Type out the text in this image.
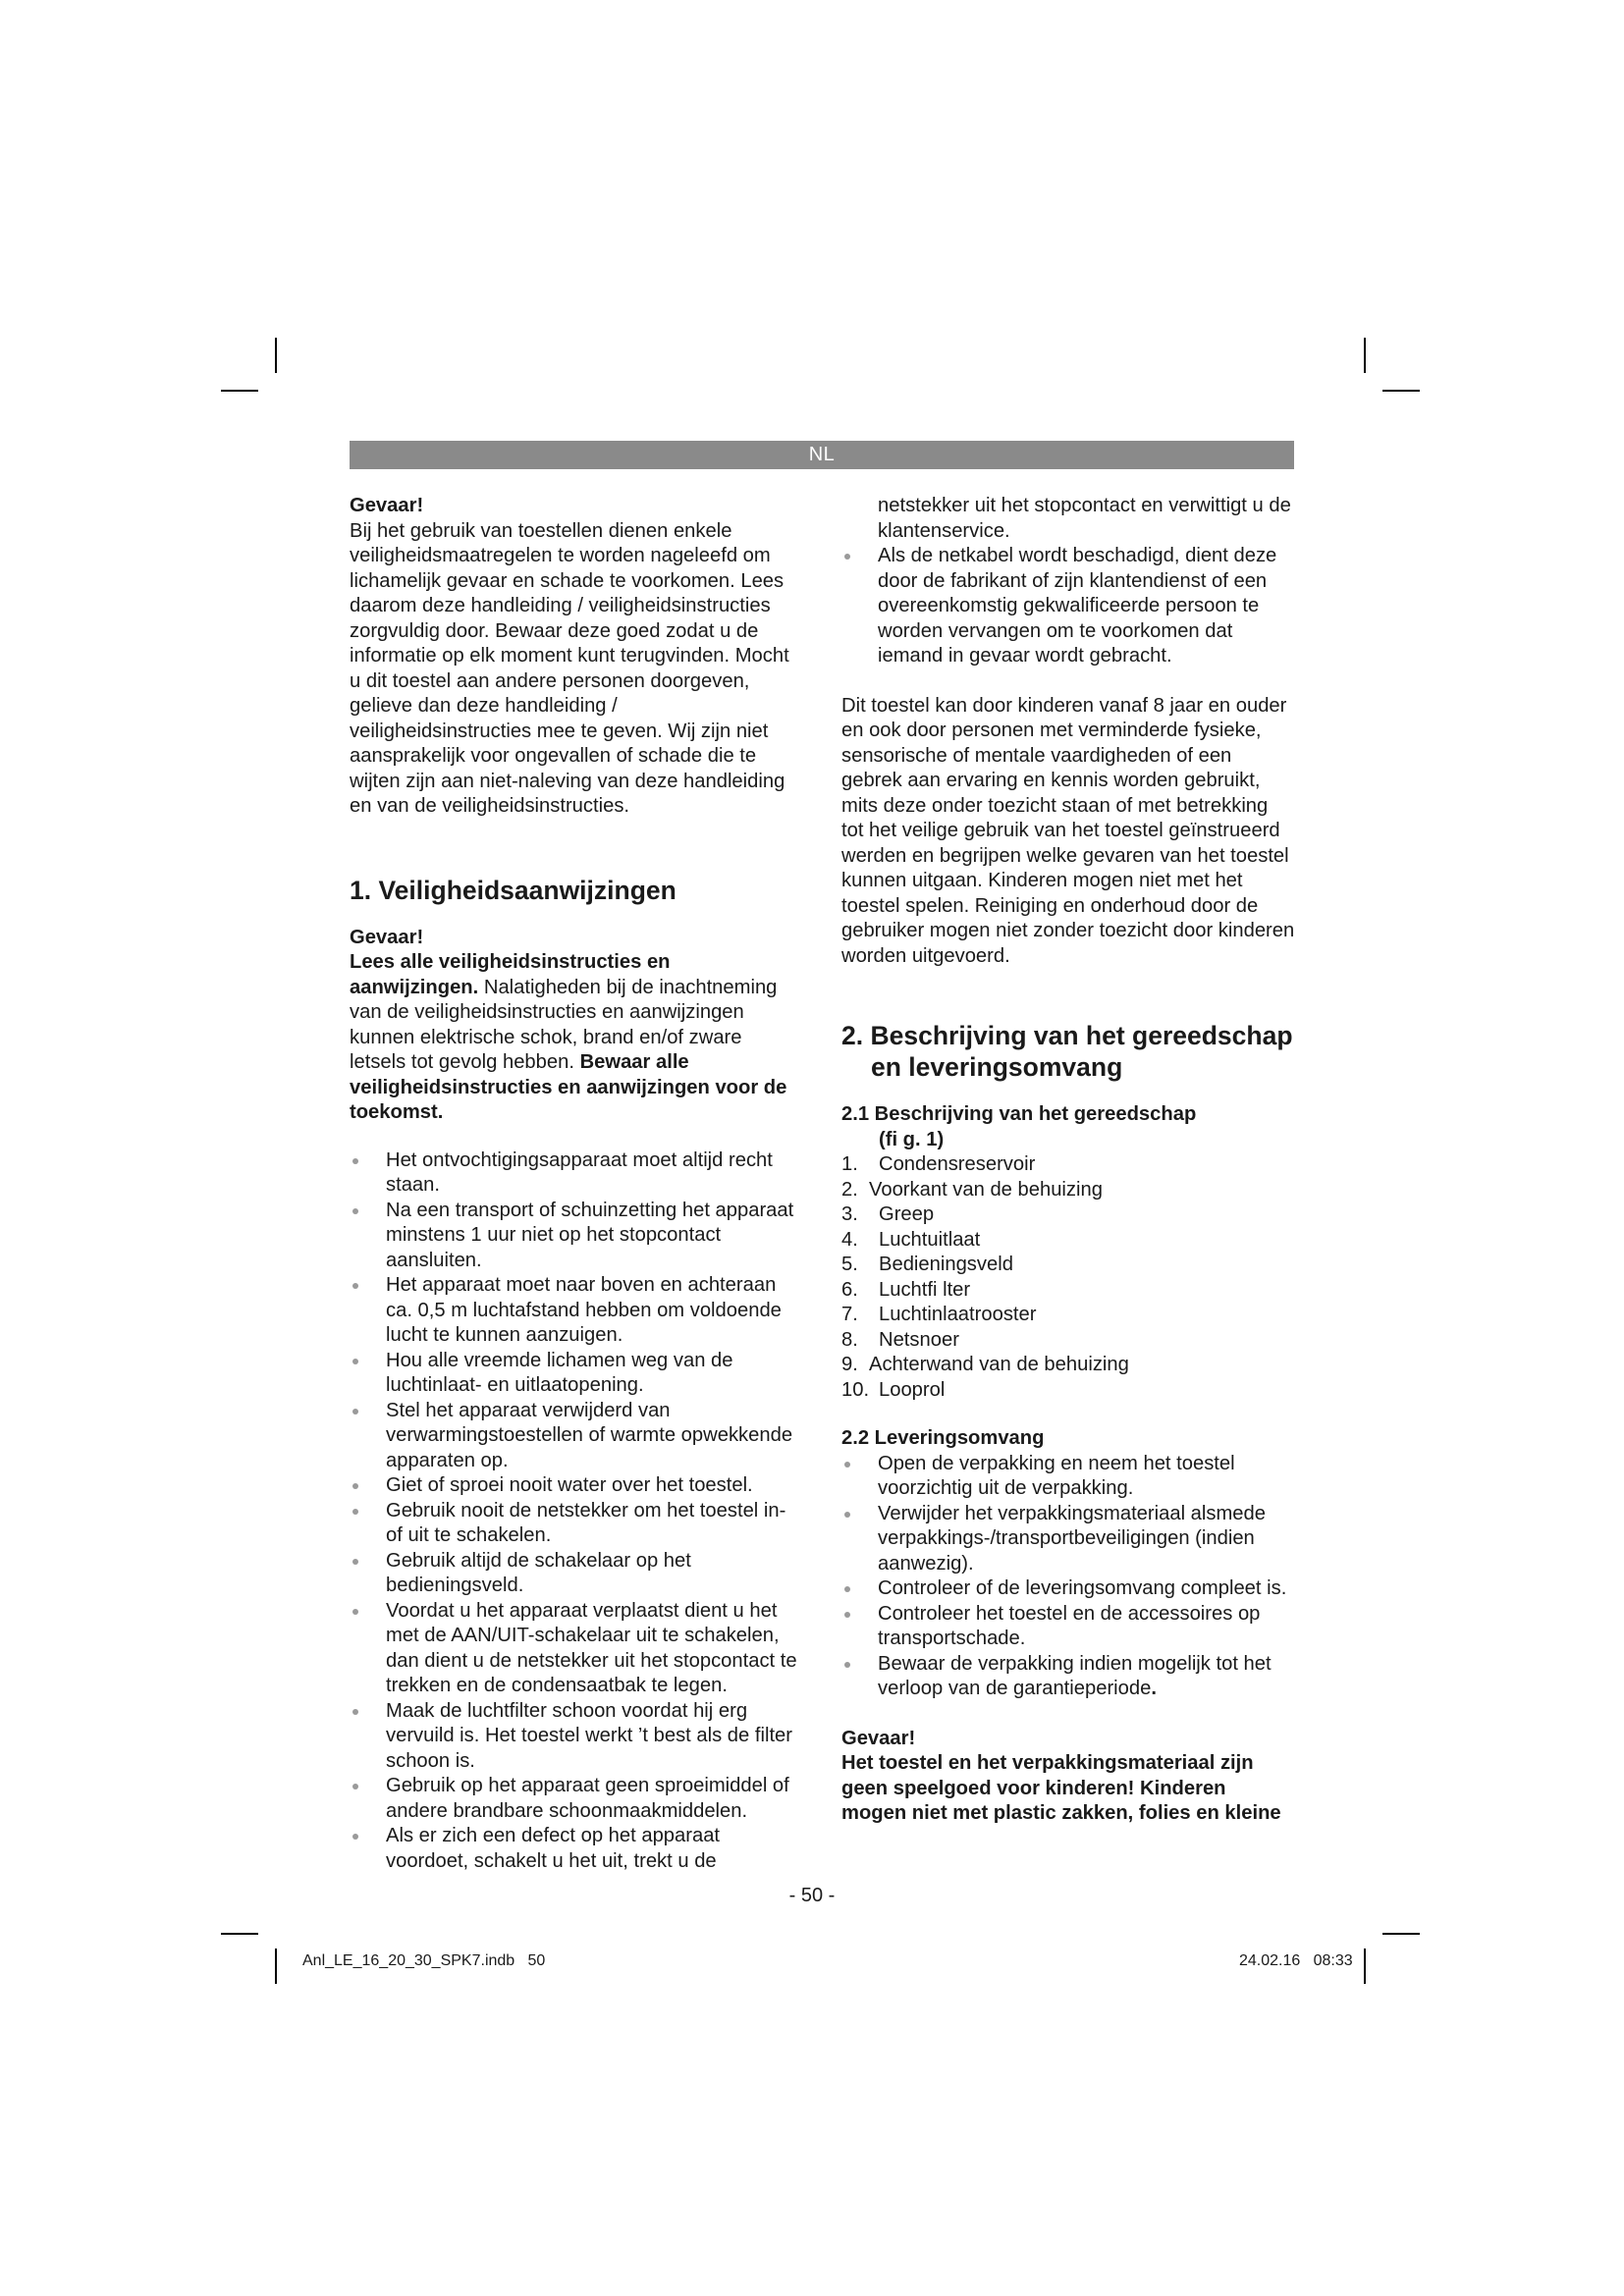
NL

Gevaar!

Bij het gebruik van toestellen dienen enkele veiligheidsmaatregelen te worden nageleefd om lichamelijk gevaar en schade te voorkomen. Lees daarom deze handleiding / veiligheidsinstructies zorgvuldig door. Bewaar deze goed zodat u de informatie op elk moment kunt terugvinden. Mocht u dit toestel aan andere personen doorgeven, gelieve dan deze handleiding / veiligheidsinstructies mee te geven. Wij zijn niet aansprakelijk voor ongevallen of schade die te wijten zijn aan niet-naleving van deze handleiding en van de veiligheidsinstructies.

1. Veiligheidsaanwijzingen

Gevaar!

Lees alle veiligheidsinstructies en aanwijzingen. Nalatigheden bij de inachtneming van de veiligheidsinstructies en aanwijzingen kunnen elektrische schok, brand en/of zware letsels tot gevolg hebben. Bewaar alle veiligheidsinstructies en aanwijzingen voor de toekomst.

Het ontvochtigingsapparaat moet altijd recht staan.
Na een transport of schuinzetting het apparaat minstens 1 uur niet op het stopcontact aansluiten.
Het apparaat moet naar boven en achteraan ca. 0,5 m luchtafstand hebben om voldoende lucht te kunnen aanzuigen.
Hou alle vreemde lichamen weg van de luchtinlaat- en uitlaatopening.
Stel het apparaat verwijderd van verwarmingstoestellen of warmte opwekkende apparaten op.
Giet of sproei nooit water over het toestel.
Gebruik nooit de netstekker om het toestel in- of uit te schakelen.
Gebruik altijd de schakelaar op het bedieningsveld.
Voordat u het apparaat verplaatst dient u het met de AAN/UIT-schakelaar uit te schakelen, dan dient u de netstekker uit het stopcontact te trekken en de condensaatbak te legen.
Maak de luchtfilter schoon voordat hij erg vervuild is. Het toestel werkt ’t best als de filter schoon is.
Gebruik op het apparaat geen sproeimiddel of andere brandbare schoonmaakmiddelen.
Als er zich een defect op het apparaat voordoet, schakelt u het uit, trekt u de

netstekker uit het stopcontact en verwittigt u de klantenservice.

Als de netkabel wordt beschadigd, dient deze door de fabrikant of zijn klantendienst of een overeenkomstig gekwalificeerde persoon te worden vervangen om te voorkomen dat iemand in gevaar wordt gebracht.

Dit toestel kan door kinderen vanaf 8 jaar en ouder en ook door personen met verminderde fysieke, sensorische of mentale vaardigheden of een gebrek aan ervaring en kennis worden gebruikt, mits deze onder toezicht staan of met betrekking tot het veilige gebruik van het toestel geïnstrueerd werden en begrijpen welke gevaren van het toestel kunnen uitgaan. Kinderen mogen niet met het toestel spelen. Reiniging en onderhoud door de gebruiker mogen niet zonder toezicht door kinderen worden uitgevoerd.

2. Beschrijving van het gereedschap
en leveringsomvang
2.1 Beschrijving van het gereedschap
(fi g. 1)
1.	Condensreservoir
2. Voorkant van de behuizing
3.	Greep
4.	Luchtuitlaat
5.	Bedieningsveld
6.	Luchtfi lter
7.	Luchtinlaatrooster
8.	Netsnoer
9. Achterwand van de behuizing
10. Looprol
2.2 Leveringsomvang
Open de verpakking en neem het toestel voorzichtig uit de verpakking.
Verwijder het verpakkingsmateriaal alsmede verpakkings-/transportbeveiligingen (indien aanwezig).
Controleer of de leveringsomvang compleet is.
Controleer het toestel en de accessoires op transportschade.
Bewaar de verpakking indien mogelijk tot het verloop van de garantieperiode.

Gevaar!

Het toestel en het verpakkingsmateriaal zijn geen speelgoed voor kinderen! Kinderen mogen niet met plastic zakken, folies en kleine

- 50 -
Anl_LE_16_20_30_SPK7.indb   50	24.02.16   08:33
